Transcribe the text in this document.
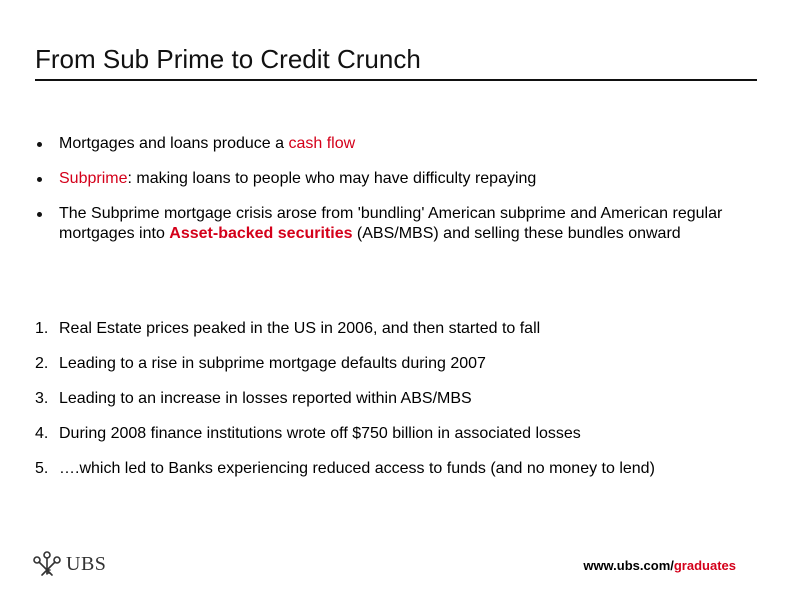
From Sub Prime to Credit Crunch
Mortgages and loans produce a cash flow
Subprime: making loans to people who may have difficulty repaying
The Subprime mortgage crisis arose from 'bundling' American subprime and American regular mortgages into Asset-backed securities (ABS/MBS) and selling these bundles onward
1. Real Estate prices peaked in the US in 2006, and then started to fall
2. Leading to a rise in subprime mortgage defaults during 2007
3. Leading to an increase in losses reported within ABS/MBS
4. During 2008 finance institutions wrote off $750 billion in associated losses
5. ….which led to Banks experiencing reduced access to funds (and no money to lend)
UBS	www.ubs.com/graduates
